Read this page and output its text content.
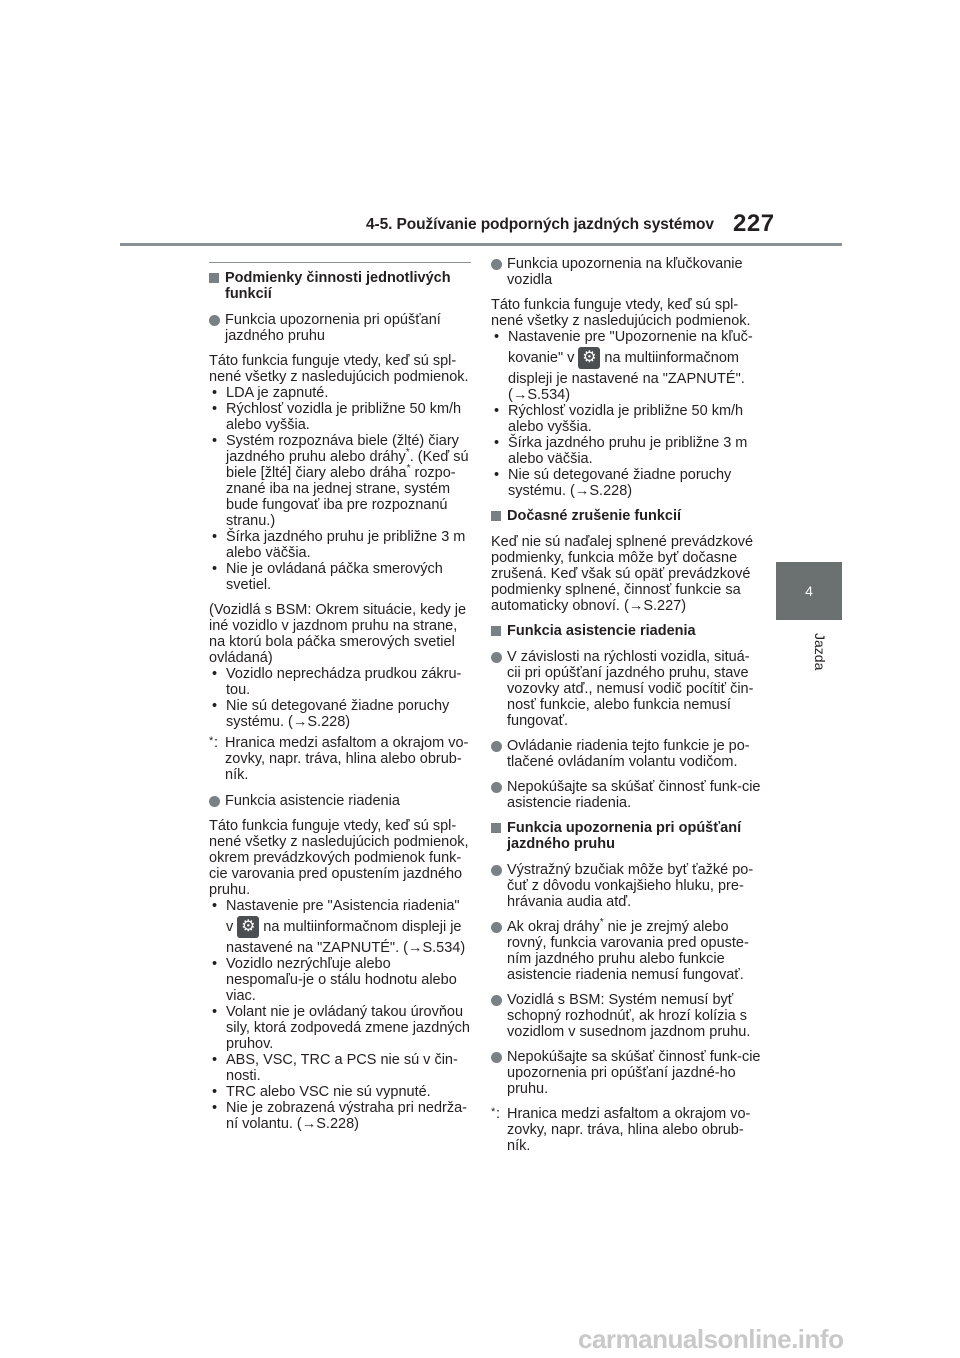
4-5. Používanie podporných jazdných systémov 227
4
Jazda
Podmienky činnosti jednotlivých funkcií
Funkcia upozornenia pri opúšťaní jazdného pruhu
Táto funkcia funguje vtedy, keď sú spl-nené všetky z nasledujúcich podmienok.
• LDA je zapnuté.
• Rýchlosť vozidla je približne 50 km/h alebo vyššia.
• Systém rozpoznáva biele (žlté) čiary jazdného pruhu alebo dráhy*. (Keď sú biele [žlté] čiary alebo dráha* rozpo-znané iba na jednej strane, systém bude fungovať iba pre rozpoznanú stranu.)
• Šírka jazdného pruhu je približne 3 m alebo väčšia.
• Nie je ovládaná páčka smerových svetiel.
(Vozidlá s BSM: Okrem situácie, kedy je iné vozidlo v jazdnom pruhu na strane, na ktorú bola páčka smerových svetiel ovládaná)
• Vozidlo neprechádza prudkou zákru-tou.
• Nie sú detegované žiadne poruchy systému. (→S.228)
* : Hranica medzi asfaltom a okrajom vo-zovky, napr. tráva, hlina alebo obrub-ník.
Funkcia asistencie riadenia
Táto funkcia funguje vtedy, keď sú spl-nené všetky z nasledujúcich podmienok, okrem prevádzkových podmienok funk-cie varovania pred opustením jazdného pruhu.
• Nastavenie pre "Asistencia riadenia"
v ⚙ na multiinformačnom displeji je
nastavené na "ZAPNUTÉ". (→S.534)
• Vozidlo nezrýchľuje alebo nespomaľu-je o stálu hodnotu alebo viac.
• Volant nie je ovládaný takou úrovňou sily, ktorá zodpovedá zmene jazdných pruhov.
• ABS, VSC, TRC a PCS nie sú v čin-nosti.
• TRC alebo VSC nie sú vypnuté.
• Nie je zobrazená výstraha pri nedrža-ní volantu. (→S.228)
Funkcia upozornenia na kľučkovanie vozidla
Táto funkcia funguje vtedy, keď sú spl-nené všetky z nasledujúcich podmienok.
• Nastavenie pre "Upozornenie na kľuč-
kovanie" v ⚙ na multiinformačnom
displeji je nastavené na "ZAPNUTÉ". (→S.534)
• Rýchlosť vozidla je približne 50 km/h alebo vyššia.
• Šírka jazdného pruhu je približne 3 m alebo väčšia.
• Nie sú detegované žiadne poruchy systému. (→S.228)
Dočasné zrušenie funkcií
Keď nie sú naďalej splnené prevádzkové podmienky, funkcia môže byť dočasne zrušená. Keď však sú opäť prevádzkové podmienky splnené, činnosť funkcie sa automaticky obnoví. (→S.227)
Funkcia asistencie riadenia
V závislosti na rýchlosti vozidla, situá-cii pri opúšťaní jazdného pruhu, stave vozovky atď., nemusí vodič pocítiť čin-nosť funkcie, alebo funkcia nemusí fungovať.
Ovládanie riadenia tejto funkcie je po-tlačené ovládaním volantu vodičom.
Nepokúšajte sa skúšať činnosť funk-cie asistencie riadenia.
Funkcia upozornenia pri opúšťaní jazdného pruhu
Výstražný bzučiak môže byť ťažké po-čuť z dôvodu vonkajšieho hluku, pre-hrávania audia atď.
Ak okraj dráhy* nie je zrejmý alebo rovný, funkcia varovania pred opuste-ním jazdného pruhu alebo funkcie asistencie riadenia nemusí fungovať.
Vozidlá s BSM: Systém nemusí byť schopný rozhodnúť, ak hrozí kolízia s vozidlom v susednom jazdnom pruhu.
Nepokúšajte sa skúšať činnosť funk-cie upozornenia pri opúšťaní jazdné-ho pruhu.
* : Hranica medzi asfaltom a okrajom vo-zovky, napr. tráva, hlina alebo obrub-ník.
carmanualsonline.info
